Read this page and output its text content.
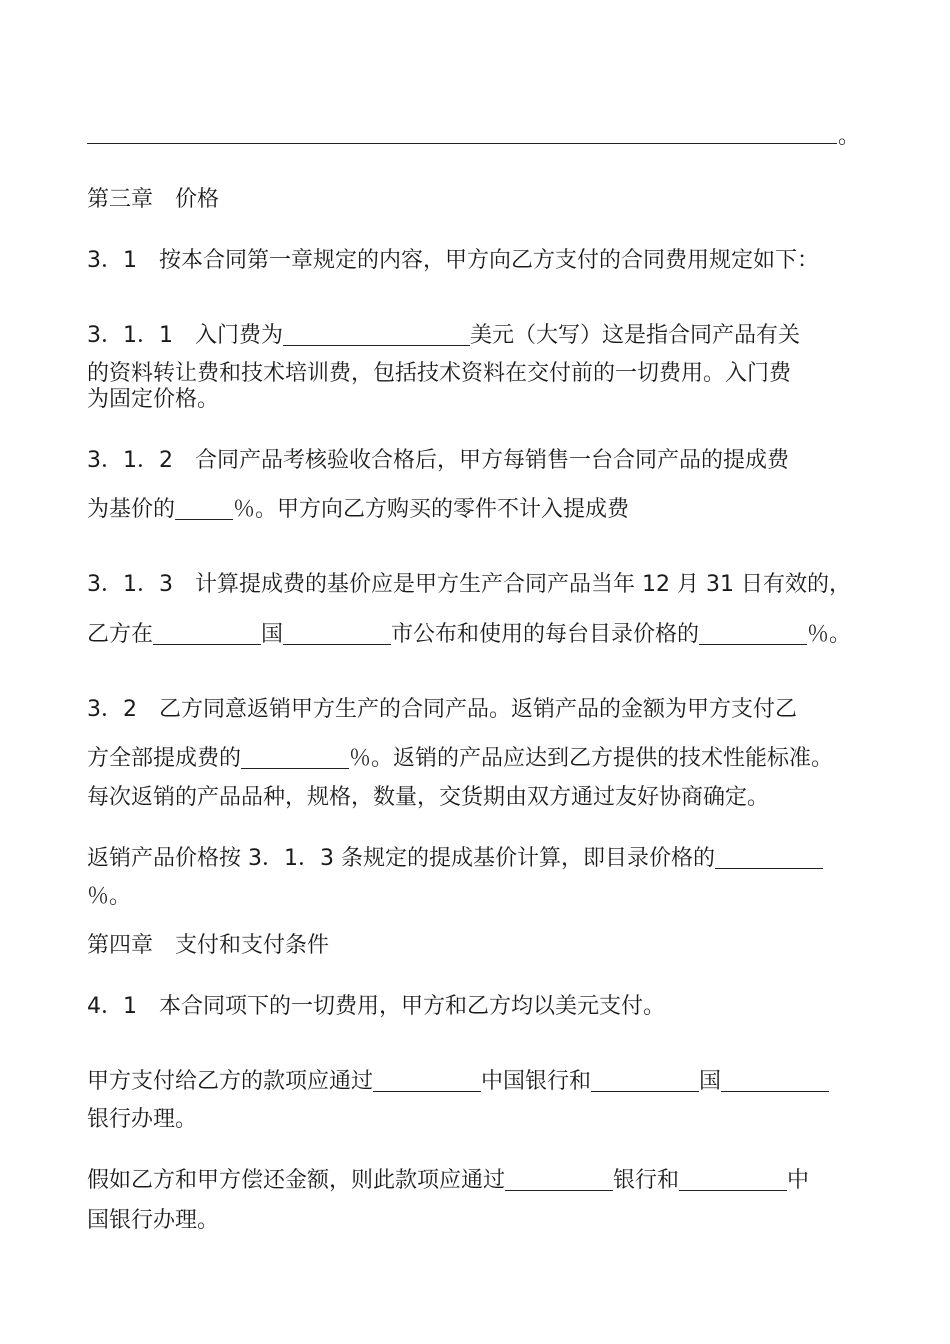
。
第三章　价格
3．1　按本合同第一章规定的内容，甲方向乙方支付的合同费用规定如下：
3．1．1　入门费为	美元（大写）这是指合同产品有关
的资料转让费和技术培训费，包括技术资料在交付前的一切费用。入门费
为固定价格。
3．1．2　合同产品考核验收合格后，甲方每销售一台合同产品的提成费
为基价的	％。甲方向乙方购买的零件不计入提成费
3．1．3　计算提成费的基价应是甲方生产合同产品当年 12 月 31 日有效的，
乙方在	国	市公布和使用的每台目录价格的	％。
3．2　乙方同意返销甲方生产的合同产品。返销产品的金额为甲方支付乙
方全部提成费的	％。返销的产品应达到乙方提供的技术性能标准。
每次返销的产品品种，规格，数量，交货期由双方通过友好协商确定。
返销产品价格按 3．1．3 条规定的提成基价计算，即目录价格的
％。
第四章　支付和支付条件
4．1　本合同项下的一切费用，甲方和乙方均以美元支付。
甲方支付给乙方的款项应通过	中国银行和	国
银行办理。
假如乙方和甲方偿还金额，则此款项应通过	银行和	中
国银行办理。
